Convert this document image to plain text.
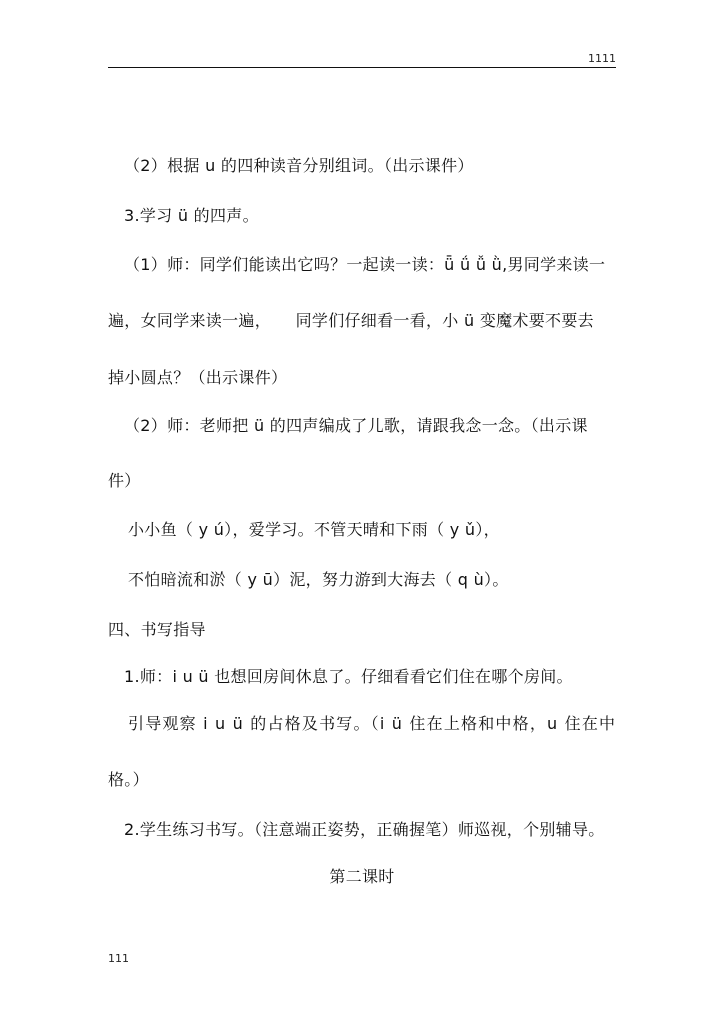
1111
（2）根据 u 的四种读音分别组词。（出示课件）
3.学习 ü 的四声。
（1）师：同学们能读出它吗？一起读一读：ǖ ǘ ǚ ǜ,男同学来读一
遍，女同学来读一遍，　　同学们仔细看一看，小 ü 变魔术要不要去
掉小圆点？（出示课件）
（2）师：老师把 ü 的四声编成了儿歌，请跟我念一念。（出示课
件）
小小鱼（ y ú），爱学习。不管天晴和下雨（ y ǔ），
不怕暗流和淤（ y ū）泥，努力游到大海去（ q ù）。
四、书写指导
1.师：i u ü 也想回房间休息了。仔细看看它们住在哪个房间。
引导观察 i u ü 的占格及书写。（i ü 住在上格和中格，u 住在中
格。）
2.学生练习书写。（注意端正姿势，正确握笔）师巡视，个别辅导。
第二课时
111
